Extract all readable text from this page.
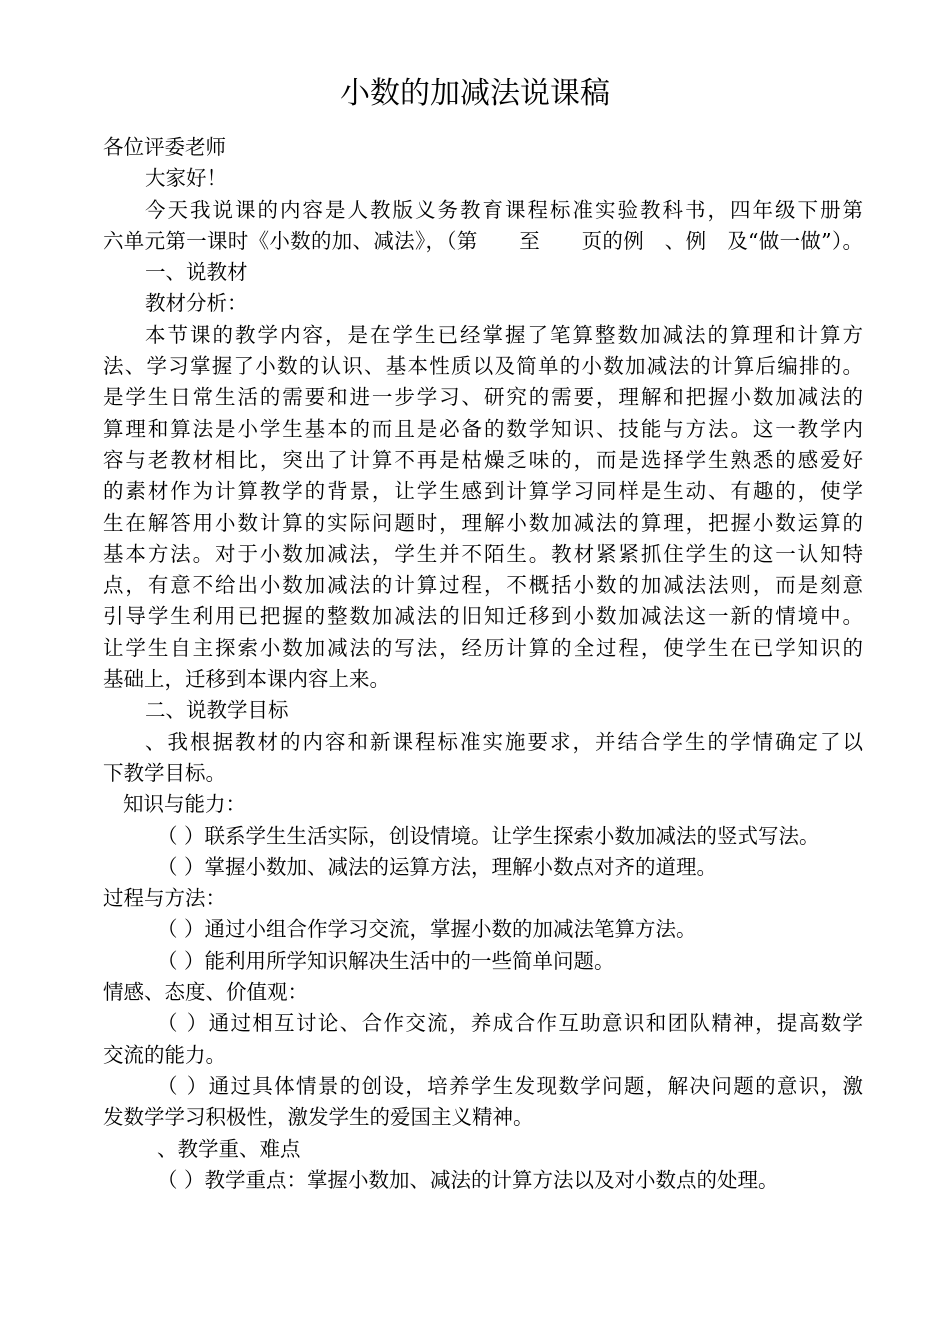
小数的加减法说课稿

各位评委老师

大家好！

今天我说课的内容是人教版义务教育课程标准实验教科书，四年级下册第

六单元第一课时《小数的加、减法》，（第　　至　　页的例　、例　及“做一做”）。

一、说教材

教材分析：

本节课的教学内容，是在学生已经掌握了笔算整数加减法的算理和计算方

法、学习掌握了小数的认识、基本性质以及简单的小数加减法的计算后编排的。

是学生日常生活的需要和进一步学习、研究的需要，理解和把握小数加减法的

算理和算法是小学生基本的而且是必备的数学知识、技能与方法。这一教学内

容与老教材相比，突出了计算不再是枯燥乏味的，而是选择学生熟悉的感爱好

的素材作为计算教学的背景，让学生感到计算学习同样是生动、有趣的，使学

生在解答用小数计算的实际问题时，理解小数加减法的算理，把握小数运算的

基本方法。对于小数加减法，学生并不陌生。教材紧紧抓住学生的这一认知特

点，有意不给出小数加减法的计算过程，不概括小数的加减法法则，而是刻意

引导学生利用已把握的整数加减法的旧知迁移到小数加减法这一新的情境中。

让学生自主探索小数加减法的写法，经历计算的全过程，使学生在已学知识的

基础上，迁移到本课内容上来。

二、说教学目标

、我根据教材的内容和新课程标准实施要求，并结合学生的学情确定了以

下教学目标。

知识与能力：

（ ）联系学生生活实际，创设情境。让学生探索小数加减法的竖式写法。

（ ）掌握小数加、减法的运算方法，理解小数点对齐的道理。

过程与方法：

（ ）通过小组合作学习交流，掌握小数的加减法笔算方法。

（ ）能利用所学知识解决生活中的一些简单问题。

情感、态度、价值观：

（ ）通过相互讨论、合作交流，养成合作互助意识和团队精神，提高数学

交流的能力。

（ ）通过具体情景的创设，培养学生发现数学问题，解决问题的意识，激

发数学学习积极性，激发学生的爱国主义精神。

、教学重、难点

（ ）教学重点：掌握小数加、减法的计算方法以及对小数点的处理。
